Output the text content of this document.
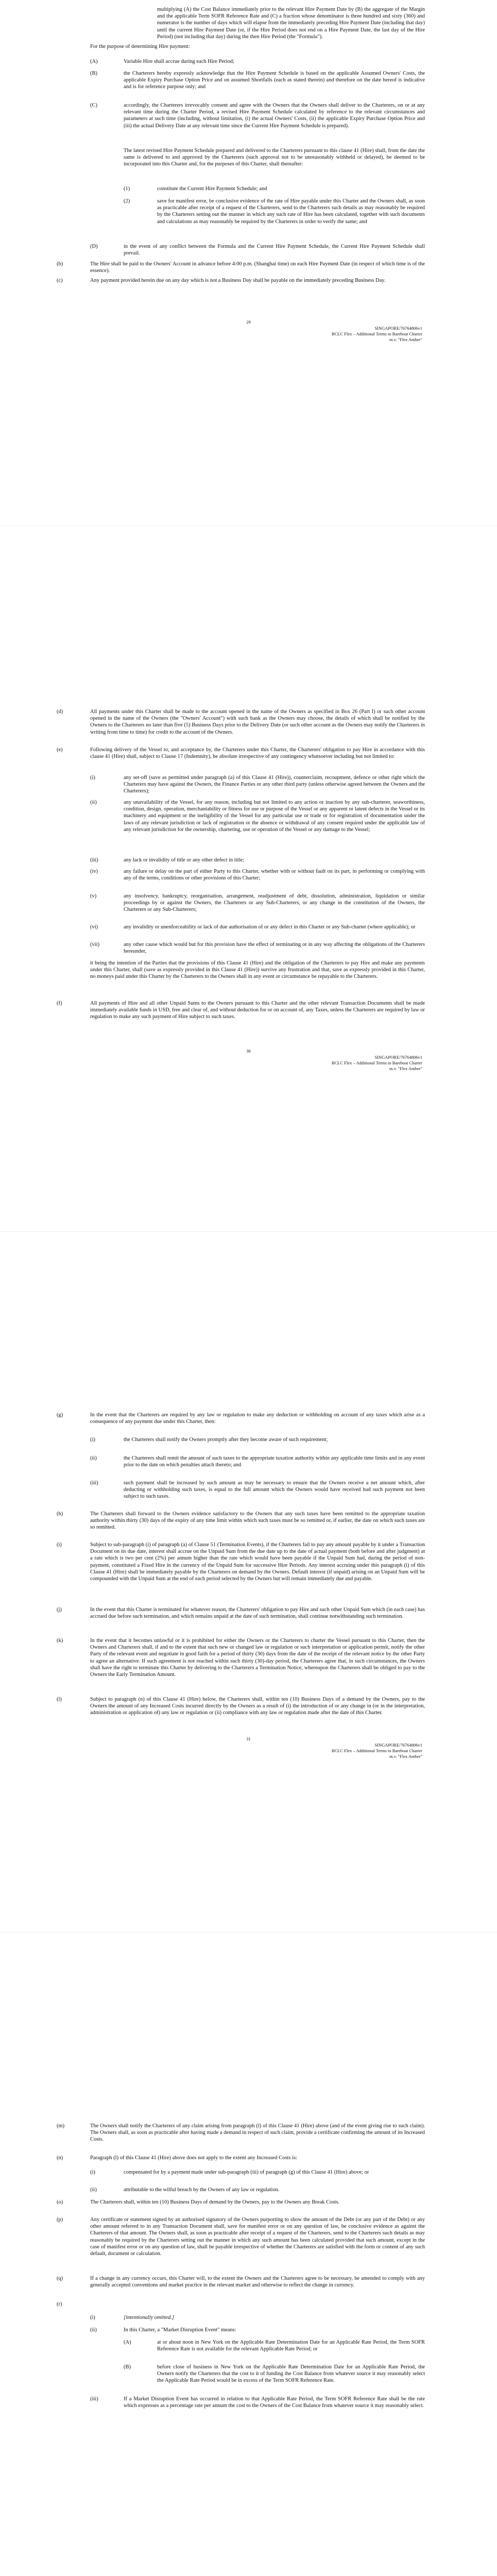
multiplying (A) the Cost Balance immediately prior to the relevant Hire Payment Date by (B) the aggregate of the Margin and the applicable Term SOFR Reference Rate and (C) a fraction whose denominator is three hundred and sixty (360) and numerator is the number of days which will elapse from the immediately preceding Hire Payment Date (including that day) until the current Hire Payment Date (or, if the Hire Period does not end on a Hire Payment Date, the last day of the Hire Period) (not including that day) during the then Hire Period (the "Formula").

For the purpose of determining Hire payment:

(A)	Variable Hire shall accrue during each Hire Period;

(B)	the Charterers hereby expressly acknowledge that the Hire Payment Schedule is based on the applicable Assumed Owners' Costs, the applicable Expiry Purchase Option Price and on assumed Shortfalls (each as stated therein) and therefore on the date hereof is indicative and is for reference purpose only; and

(C)	accordingly, the Charterers irrevocably consent and agree with the Owners that the Owners shall deliver to the Charterers, on or at any relevant time during the Charter Period, a revised Hire Payment Schedule calculated by reference to the relevant circumstances and parameters at such time (including, without limitation, (i) the actual Owners' Costs, (ii) the applicable Expiry Purchase Option Price and (iii) the actual Delivery Date at any relevant time since the Current Hire Payment Schedule is prepared).

The latest revised Hire Payment Schedule prepared and delivered to the Charterers pursuant to this clause 41 (Hire) shall, from the date the same is delivered to and approved by the Charterers (such approval not to be unreasonably withheld or delayed), be deemed to be incorporated into this Charter and, for the purposes of this Charter, shall thereafter:

(1)	constitute the Current Hire Payment Schedule; and

(2)	save for manifest error, be conclusive evidence of the rate of Hire payable under this Charter and the Owners shall, as soon as practicable after receipt of a request of the Charterers, send to the Charterers such details as may reasonably be required by the Charterers setting out the manner in which any such rate of Hire has been calculated, together with such documents and calculations as may reasonably be required by the Charterers in order to verify the same; and

(D)	in the event of any conflict between the Formula and the Current Hire Payment Schedule, the Current Hire Payment Schedule shall prevail.

(b)	The Hire shall be paid to the Owners' Account in advance before 4:00 p.m. (Shanghai time) on each Hire Payment Date (in respect of which time is of the essence).

(c)	Any payment provided herein due on any day which is not a Business Day shall be payable on the immediately preceding Business Day.

29
SINGAPORE/76764806v1
BCLC Flex – Additional Terms to Bareboat Charter
m.v. "Flex Amber"
(d)	All payments under this Charter shall be made to the account opened in the name of the Owners as specified in Box 26 (Part I) or such other account opened in the name of the Owners (the "Owners' Account") with such bank as the Owners may choose, the details of which shall be notified by the Owners to the Charterers no later than five (5) Business Days prior to the Delivery Date (or such other account as the Owners may notify the Charterers in writing from time to time) for credit to the account of the Owners.

(e)	Following delivery of the Vessel to, and acceptance by, the Charterers under this Charter, the Charterers' obligation to pay Hire in accordance with this clause 41 (Hire) shall, subject to Clause 17 (Indemnity), be absolute irrespective of any contingency whatsoever including but not limited to:

(i)	any set-off (save as permitted under paragraph (a) of this Clause 41 (Hire)), counterclaim, recoupment, defence or other right which the Charterers may have against the Owners, the Finance Parties or any other third party (unless otherwise agreed between the Owners and the Charterers);

(ii)	any unavailability of the Vessel, for any reason, including but not limited to any action or inaction by any sub-charterer, seaworthiness, condition, design, operation, merchantability or fitness for use or purpose of the Vessel or any apparent or latent defects in the Vessel or its machinery and equipment or the ineligibility of the Vessel for any particular use or trade or for registration of documentation under the laws of any relevant jurisdiction or lack of registration or the absence or withdrawal of any consent required under the applicable law of any relevant jurisdiction for the ownership, chartering, use or operation of the Vessel or any damage to the Vessel;

(iii)	any lack or invalidity of title or any other defect in title;

(iv)	any failure or delay on the part of either Party to this Charter, whether with or without fault on its part, in performing or complying with any of the terms, conditions or other provisions of this Charter;

(v)	any insolvency, bankruptcy, reorganisation, arrangement, readjustment of debt, dissolution, administration, liquidation or similar proceedings by or against the Owners, the Charterers or any Sub-Charterers, or any change in the constitution of the Owners, the Charterers or any Sub-Charterers;

(vi)	any invalidity or unenforceability or lack of due authorisation of or any defect in this Charter or any Sub-charter (where applicable); or

(vii)	any other cause which would but for this provision have the effect of terminating or in any way affecting the obligations of the Charterers hereunder,

it being the intention of the Parties that the provisions of this Clause 41 (Hire) and the obligation of the Charterers to pay Hire and make any payments under this Charter, shall (save as expressly provided in this Clause 41 (Hire)) survive any frustration and that, save as expressly provided in this Charter, no moneys paid under this Charter by the Charterers to the Owners shall in any event or circumstance be repayable to the Charterers.

(f)	All payments of Hire and all other Unpaid Sums to the Owners pursuant to this Charter and the other relevant Transaction Documents shall be made immediately available funds in USD, free and clear of, and without deduction for or on account of, any Taxes, unless the Charterers are required by law or regulation to make any such payment of Hire subject to such taxes.

30
SINGAPORE/76764806v1
BCLC Flex – Additional Terms to Bareboat Charter
m.v. "Flex Amber"
(g)	In the event that the Charterers are required by any law or regulation to make any deduction or withholding on account of any taxes which arise as a consequence of any payment due under this Charter, then:

(i)	the Charterers shall notify the Owners promptly after they become aware of such requirement;

(ii)	the Charterers shall remit the amount of such taxes to the appropriate taxation authority within any applicable time limits and in any event prior to the date on which penalties attach thereto; and

(iii)	such payment shall be increased by such amount as may be necessary to ensure that the Owners receive a net amount which, after deducting or withholding such taxes, is equal to the full amount which the Owners would have received had such payment not been subject to such taxes.

(h)	The Charterers shall forward to the Owners evidence satisfactory to the Owners that any such taxes have been remitted to the appropriate taxation authority within thirty (30) days of the expiry of any time limit within which such taxes must be so remitted or, if earlier, the date on which such taxes are so remitted.

(i)	Subject to sub-paragraph (i) of paragraph (a) of Clause 51 (Termination Events), if the Charterers fail to pay any amount payable by it under a Transaction Document on its due date, interest shall accrue on the Unpaid Sum from the due date up to the date of actual payment (both before and after judgment) at a rate which is two per cent (2%) per annum higher than the rate which would have been payable if the Unpaid Sum had, during the period of non-payment, constituted a Fixed Hire in the currency of the Unpaid Sum for successive Hire Periods. Any interest accruing under this paragraph (i) of this Clause 41 (Hire) shall be immediately payable by the Charterers on demand by the Owners. Default interest (if unpaid) arising on an Unpaid Sum will be compounded with the Unpaid Sum at the end of each period selected by the Owners but will remain immediately due and payable.

(j)	In the event that this Charter is terminated for whatever reason, the Charterers' obligation to pay Hire and such other Unpaid Sum which (in each case) has accrued due before such termination, and which remains unpaid at the date of such termination, shall continue notwithstanding such termination.

(k)	In the event that it becomes unlawful or it is prohibited for either the Owners or the Charterers to charter the Vessel pursuant to this Charter, then the Owners and Charterers shall, if and to the extent that such new or changed law or regulation or such interpretation or application permit, notify the other Party of the relevant event and negotiate in good faith for a period of thirty (30) days from the date of the receipt of the relevant notice by the other Party to agree an alternative. If such agreement is not reached within such thirty (30)-day period, the Charterers agree that, in such circumstances, the Owners shall have the right to terminate this Charter by delivering to the Charterers a Termination Notice, whereupon the Charterers shall be obliged to pay to the Owners the Early Termination Amount.

(l)	Subject to paragraph (n) of this Clause 41 (Hire) below, the Charterers shall, within ten (10) Business Days of a demand by the Owners, pay to the Owners the amount of any Increased Costs incurred directly by the Owners as a result of (i) the introduction of or any change in (or in the interpretation, administration or application of) any law or regulation or (ii) compliance with any law or regulation made after the date of this Charter.

31
SINGAPORE/76764806v1
BCLC Flex – Additional Terms to Bareboat Charter
m.v. "Flex Amber"
(m)	The Owners shall notify the Charterers of any claim arising from paragraph (l) of this Clause 41 (Hire) above (and of the event giving rise to such claim). The Owners shall, as soon as practicable after having made a demand in respect of such claim, provide a certificate confirming the amount of its Increased Costs.

(n)	Paragraph (l) of this Clause 41 (Hire) above does not apply to the extent any Increased Costs is:

(i)	compensated for by a payment made under sub-paragraph (iii) of paragraph (g) of this Clause 41 (Hire) above; or

(ii)	attributable to the wilful breach by the Owners of any law or regulation.

(o)	The Charterers shall, within ten (10) Business Days of demand by the Owners, pay to the Owners any Break Costs.

(p)	Any certificate or statement signed by an authorised signatory of the Owners purporting to show the amount of the Debt (or any part of the Debt) or any other amount referred to in any Transaction Document shall, save for manifest error or on any question of law, be conclusive evidence as against the Charterers of that amount. The Owners shall, as soon as practicable after receipt of a request of the Charterers, send to the Charterers such details as may reasonably be required by the Charterers setting out the manner in which any such amount has been calculated provided that such amount, except in the case of manifest error or on any question of law, shall be payable irrespective of whether the Charterers are satisfied with the form or content of any such default, document or calculation.

(q)	If a change in any currency occurs, this Charter will, to the extent the Owners and the Charterers agree to be necessary, be amended to comply with any generally accepted conventions and market practice in the relevant market and otherwise to reflect the change in currency.

(r)
(i)	[intentionally omitted.]

(ii)	In this Charter, a "Market Disruption Event" means:

(A)	at or about noon in New York on the Applicable Rate Determination Date for an Applicable Rate Period, the Term SOFR Reference Rate is not available for the relevant Applicable Rate Period; or

(B)	before close of business in New York on the Applicable Rate Determination Date for an Applicable Rate Period, the Owners notify the Charterers that the cost to it of funding the Cost Balance from whatever source it may reasonably select the Applicable Rate Period would be in excess of the Term SOFR Reference Rate.

(iii)	If a Market Disruption Event has occurred in relation to that Applicable Rate Period, the Term SOFR Reference Rate shall be the rate which expresses as a percentage rate per annum the cost to the Owners of the Cost Balance from whatever source it may reasonably select.
